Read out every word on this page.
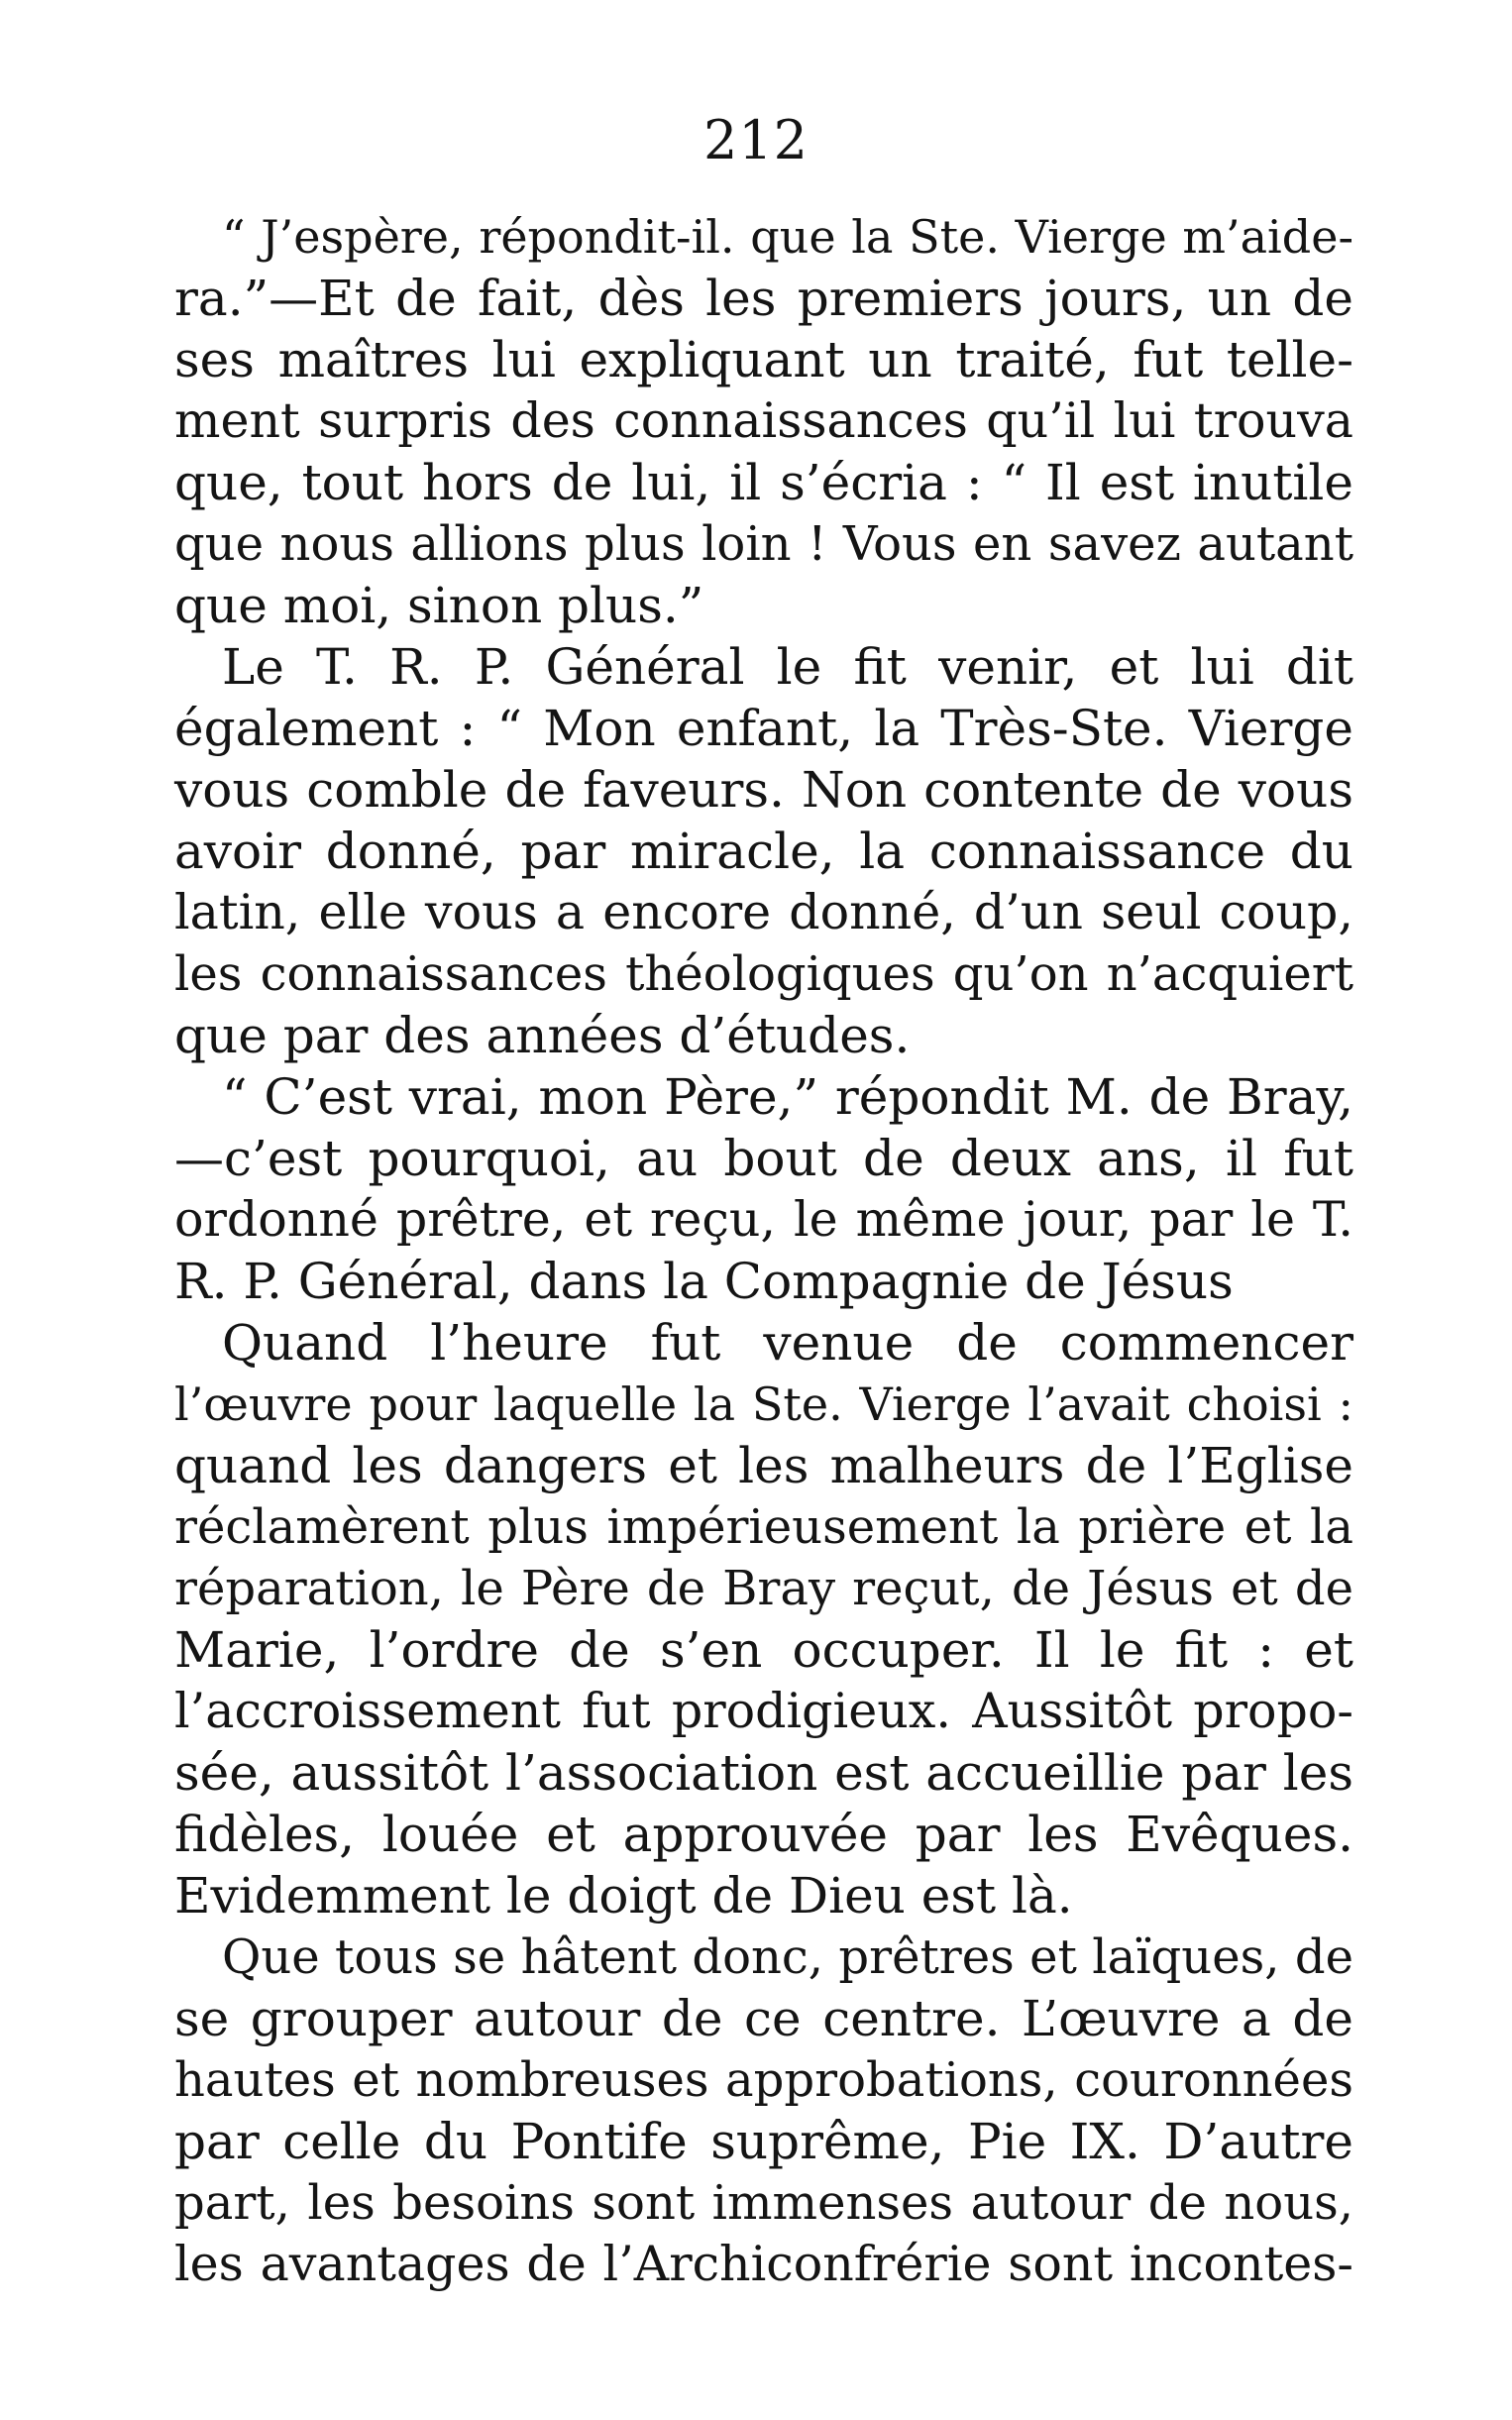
212
“ J’espère, répondit-il. que la Ste. Vierge m’aide-
ra.”—Et de fait, dès les premiers jours, un de
ses maîtres lui expliquant un traité, fut telle-
ment surpris des connaissances qu’il lui trouva
que, tout hors de lui, il s’écria : “ Il est inutile
que nous allions plus loin ! Vous en savez autant
que moi, sinon plus.”
Le T. R. P. Général le fit venir, et lui dit
également : “ Mon enfant, la Très-Ste. Vierge
vous comble de faveurs. Non contente de vous
avoir donné, par miracle, la connaissance du
latin, elle vous a encore donné, d’un seul coup,
les connaissances théologiques qu’on n’acquiert
que par des années d’études.
“ C’est vrai, mon Père,” répondit M. de Bray,
—c’est pourquoi, au bout de deux ans, il fut
ordonné prêtre, et reçu, le même jour, par le T.
R. P. Général, dans la Compagnie de Jésus
Quand l’heure fut venue de commencer
l’œuvre pour laquelle la Ste. Vierge l’avait choisi :
quand les dangers et les malheurs de l’Eglise
réclamèrent plus impérieusement la prière et la
réparation, le Père de Bray reçut, de Jésus et de
Marie, l’ordre de s’en occuper. Il le fit : et
l’accroissement fut prodigieux. Aussitôt propo-
sée, aussitôt l’association est accueillie par les
fidèles, louée et approuvée par les Evêques.
Evidemment le doigt de Dieu est là.
Que tous se hâtent donc, prêtres et laïques, de
se grouper autour de ce centre. L’œuvre a de
hautes et nombreuses approbations, couronnées
par celle du Pontife suprême, Pie IX. D’autre
part, les besoins sont immenses autour de nous,
les avantages de l’Archiconfrérie sont incontes-
